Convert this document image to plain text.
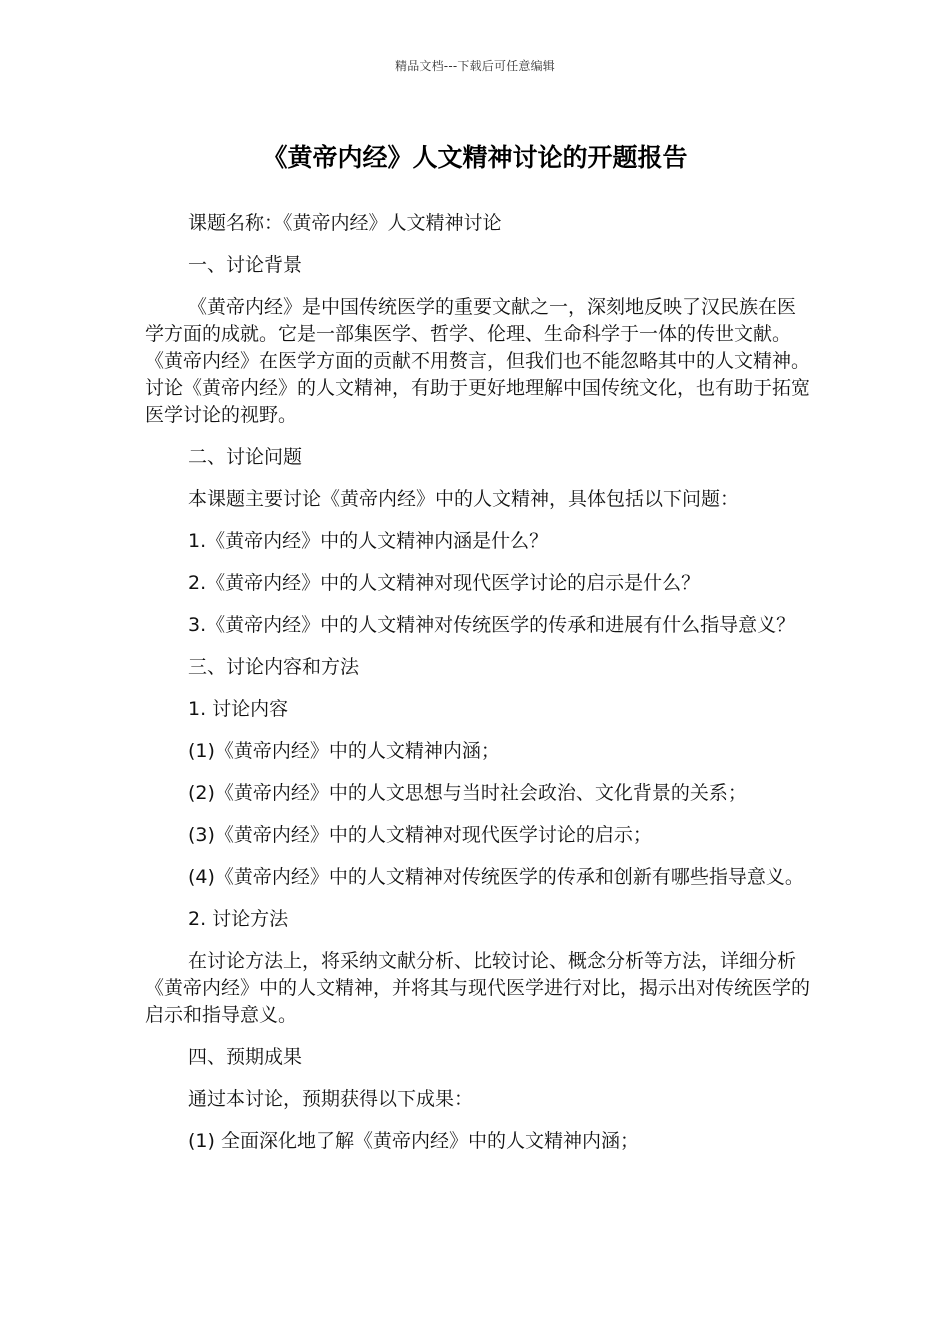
精品文档---下载后可任意编辑
《黄帝内经》人文精神讨论的开题报告

课题名称：《黄帝内经》人文精神讨论

一、讨论背景

《黄帝内经》是中国传统医学的重要文献之一，深刻地反映了汉民族在医学方面的成就。它是一部集医学、哲学、伦理、生命科学于一体的传世文献。《黄帝内经》在医学方面的贡献不用赘言，但我们也不能忽略其中的人文精神。讨论《黄帝内经》的人文精神，有助于更好地理解中国传统文化，也有助于拓宽医学讨论的视野。

二、讨论问题

本课题主要讨论《黄帝内经》中的人文精神，具体包括以下问题：

1.《黄帝内经》中的人文精神内涵是什么？

2.《黄帝内经》中的人文精神对现代医学讨论的启示是什么？

3.《黄帝内经》中的人文精神对传统医学的传承和进展有什么指导意义？

三、讨论内容和方法

1. 讨论内容

(1)《黄帝内经》中的人文精神内涵；

(2)《黄帝内经》中的人文思想与当时社会政治、文化背景的关系；

(3)《黄帝内经》中的人文精神对现代医学讨论的启示；

(4)《黄帝内经》中的人文精神对传统医学的传承和创新有哪些指导意义。

2. 讨论方法

在讨论方法上，将采纳文献分析、比较讨论、概念分析等方法，详细分析《黄帝内经》中的人文精神，并将其与现代医学进行对比，揭示出对传统医学的启示和指导意义。

四、预期成果

通过本讨论，预期获得以下成果：

(1) 全面深化地了解《黄帝内经》中的人文精神内涵；
